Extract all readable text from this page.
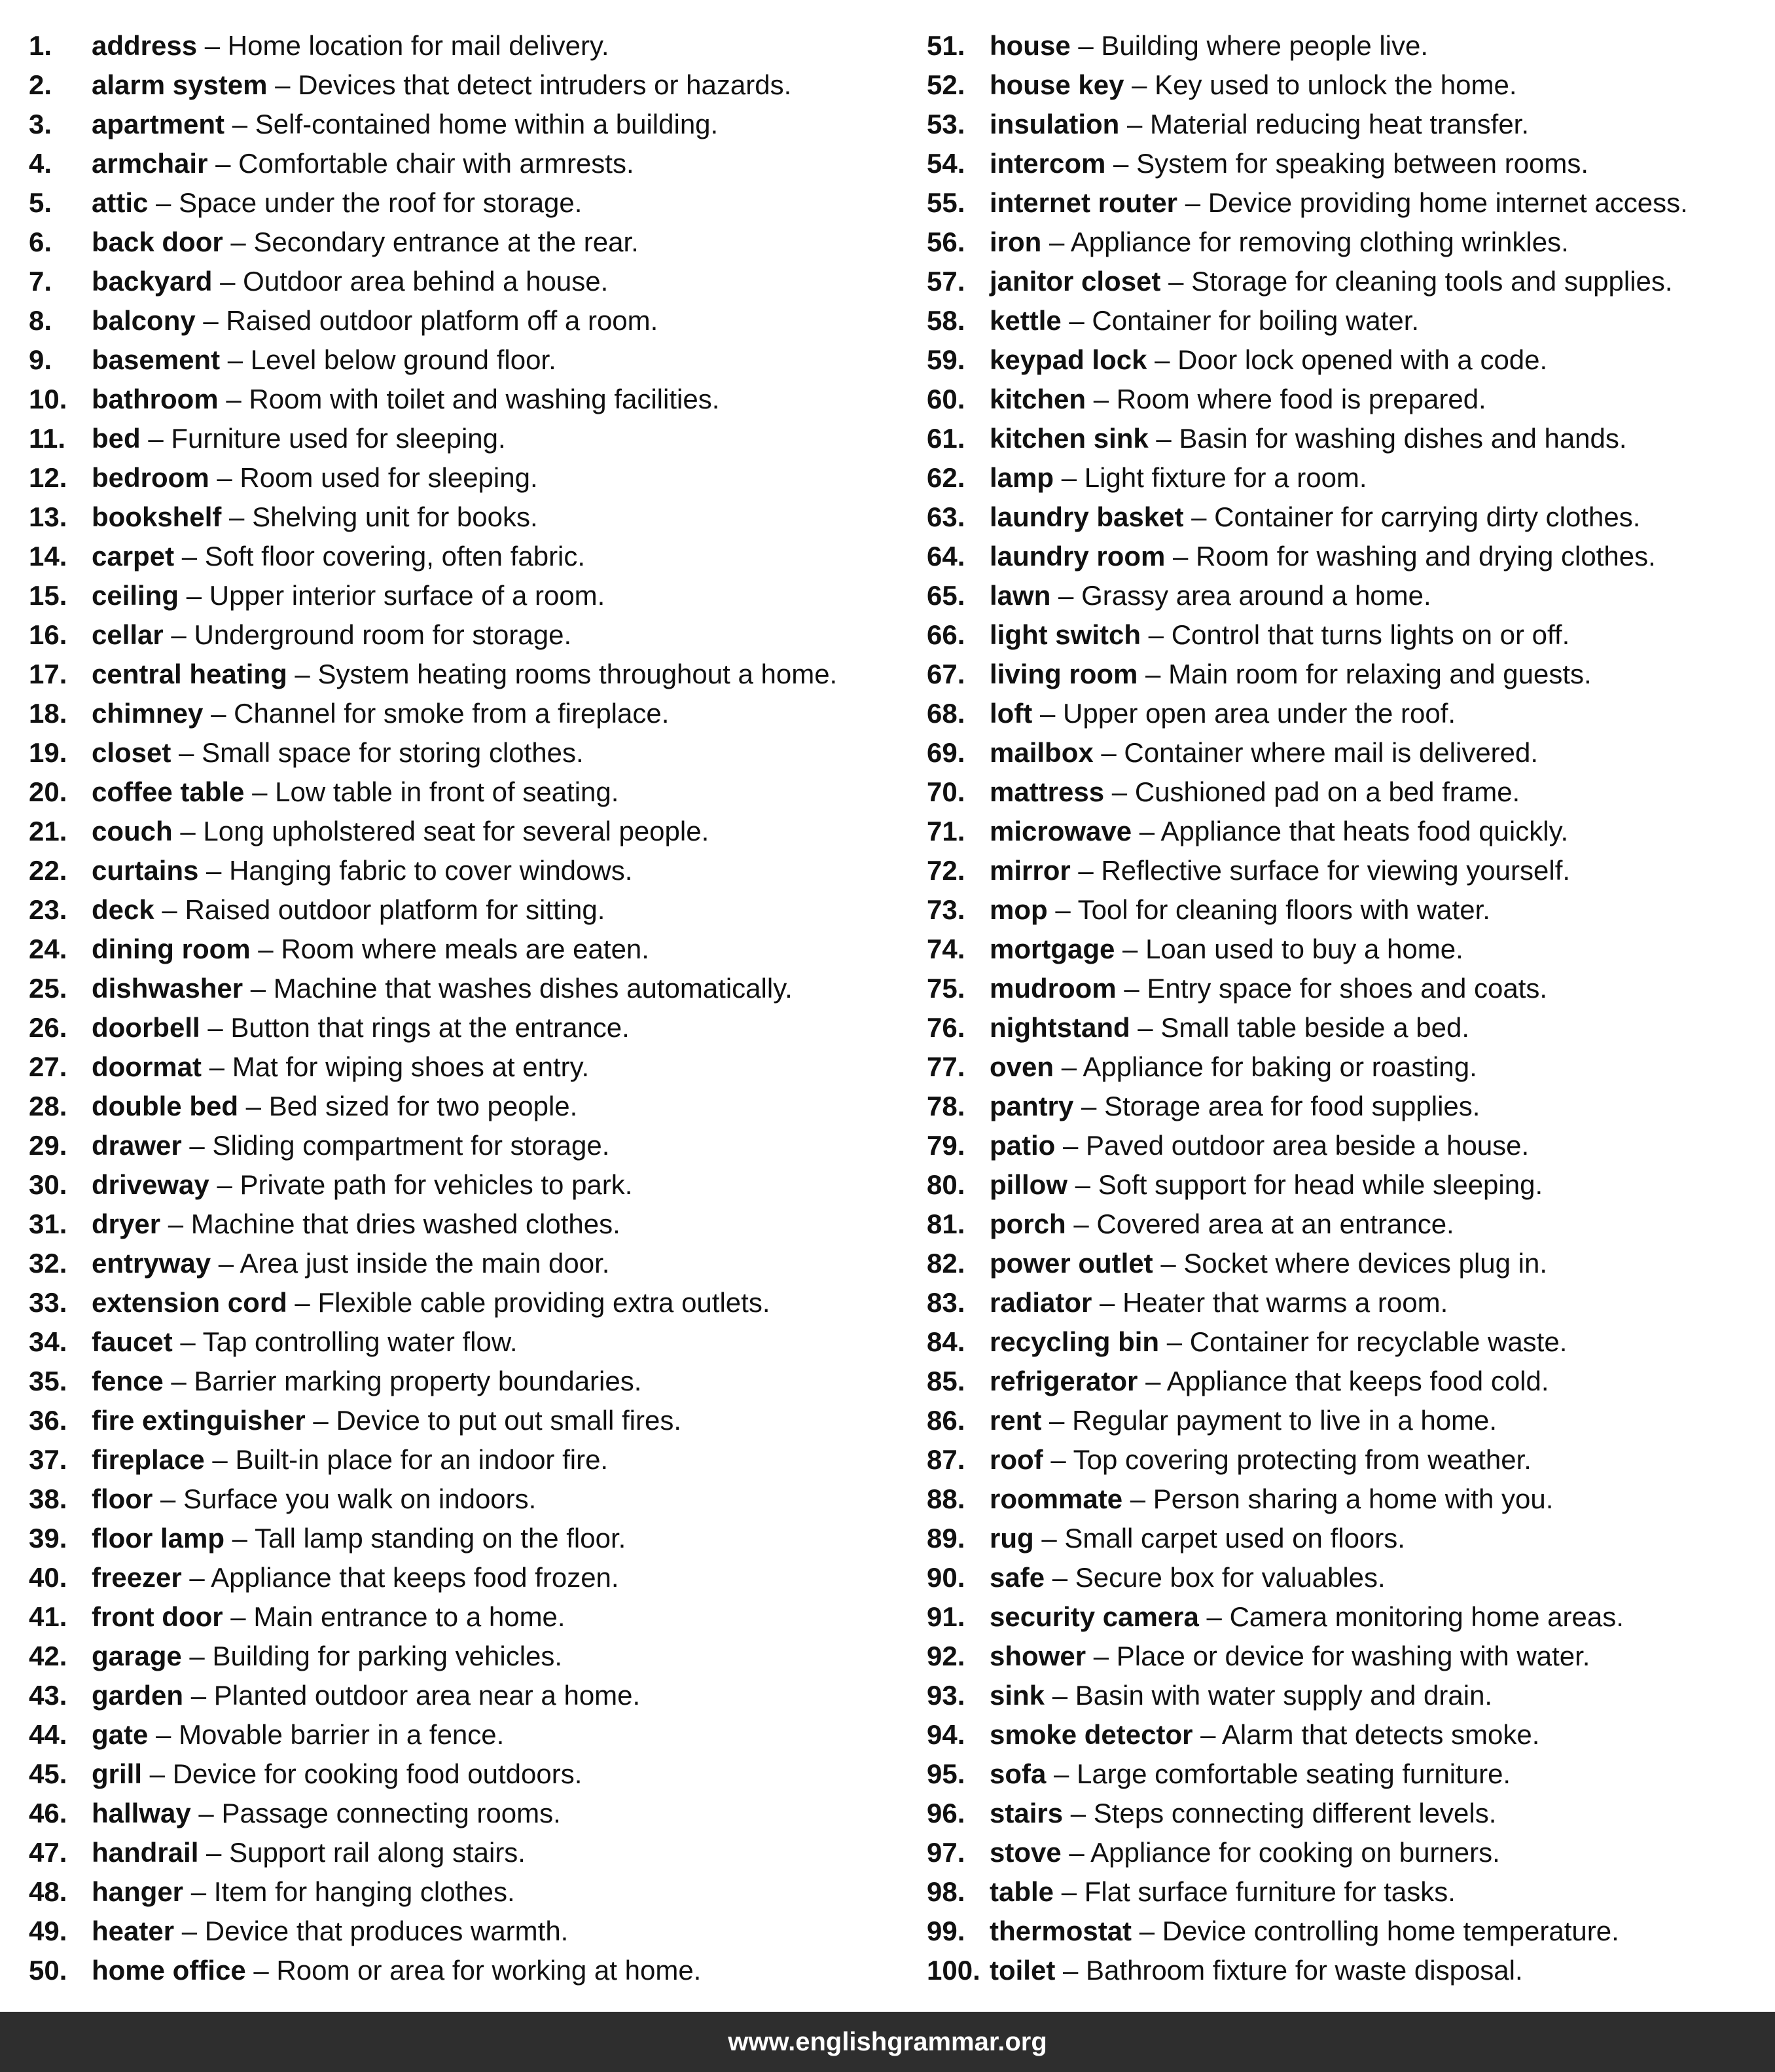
1.	address – Home location for mail delivery.
2.	alarm system – Devices that detect intruders or hazards.
3.	apartment – Self-contained home within a building.
4.	armchair – Comfortable chair with armrests.
5.	attic – Space under the roof for storage.
6.	back door – Secondary entrance at the rear.
7.	backyard – Outdoor area behind a house.
8.	balcony – Raised outdoor platform off a room.
9.	basement – Level below ground floor.
10. bathroom – Room with toilet and washing facilities.
11. bed – Furniture used for sleeping.
12. bedroom – Room used for sleeping.
13. bookshelf – Shelving unit for books.
14. carpet – Soft floor covering, often fabric.
15. ceiling – Upper interior surface of a room.
16. cellar – Underground room for storage.
17. central heating – System heating rooms throughout a home.
18. chimney – Channel for smoke from a fireplace.
19. closet – Small space for storing clothes.
20. coffee table – Low table in front of seating.
21. couch – Long upholstered seat for several people.
22. curtains – Hanging fabric to cover windows.
23. deck – Raised outdoor platform for sitting.
24. dining room – Room where meals are eaten.
25. dishwasher – Machine that washes dishes automatically.
26. doorbell – Button that rings at the entrance.
27. doormat – Mat for wiping shoes at entry.
28. double bed – Bed sized for two people.
29. drawer – Sliding compartment for storage.
30. driveway – Private path for vehicles to park.
31. dryer – Machine that dries washed clothes.
32. entryway – Area just inside the main door.
33. extension cord – Flexible cable providing extra outlets.
34. faucet – Tap controlling water flow.
35. fence – Barrier marking property boundaries.
36. fire extinguisher – Device to put out small fires.
37. fireplace – Built-in place for an indoor fire.
38. floor – Surface you walk on indoors.
39. floor lamp – Tall lamp standing on the floor.
40. freezer – Appliance that keeps food frozen.
41. front door – Main entrance to a home.
42. garage – Building for parking vehicles.
43. garden – Planted outdoor area near a home.
44. gate – Movable barrier in a fence.
45. grill – Device for cooking food outdoors.
46. hallway – Passage connecting rooms.
47. handrail – Support rail along stairs.
48. hanger – Item for hanging clothes.
49. heater – Device that produces warmth.
50. home office – Room or area for working at home.
51. house – Building where people live.
52. house key – Key used to unlock the home.
53. insulation – Material reducing heat transfer.
54. intercom – System for speaking between rooms.
55. internet router – Device providing home internet access.
56. iron – Appliance for removing clothing wrinkles.
57. janitor closet – Storage for cleaning tools and supplies.
58. kettle – Container for boiling water.
59. keypad lock – Door lock opened with a code.
60. kitchen – Room where food is prepared.
61. kitchen sink – Basin for washing dishes and hands.
62. lamp – Light fixture for a room.
63. laundry basket – Container for carrying dirty clothes.
64. laundry room – Room for washing and drying clothes.
65. lawn – Grassy area around a home.
66. light switch – Control that turns lights on or off.
67. living room – Main room for relaxing and guests.
68. loft – Upper open area under the roof.
69. mailbox – Container where mail is delivered.
70. mattress – Cushioned pad on a bed frame.
71. microwave – Appliance that heats food quickly.
72. mirror – Reflective surface for viewing yourself.
73. mop – Tool for cleaning floors with water.
74. mortgage – Loan used to buy a home.
75. mudroom – Entry space for shoes and coats.
76. nightstand – Small table beside a bed.
77. oven – Appliance for baking or roasting.
78. pantry – Storage area for food supplies.
79. patio – Paved outdoor area beside a house.
80. pillow – Soft support for head while sleeping.
81. porch – Covered area at an entrance.
82. power outlet – Socket where devices plug in.
83. radiator – Heater that warms a room.
84. recycling bin – Container for recyclable waste.
85. refrigerator – Appliance that keeps food cold.
86. rent – Regular payment to live in a home.
87. roof – Top covering protecting from weather.
88. roommate – Person sharing a home with you.
89. rug – Small carpet used on floors.
90. safe – Secure box for valuables.
91. security camera – Camera monitoring home areas.
92. shower – Place or device for washing with water.
93. sink – Basin with water supply and drain.
94. smoke detector – Alarm that detects smoke.
95. sofa – Large comfortable seating furniture.
96. stairs – Steps connecting different levels.
97. stove – Appliance for cooking on burners.
98. table – Flat surface furniture for tasks.
99. thermostat – Device controlling home temperature.
100. toilet – Bathroom fixture for waste disposal.
www.englishgrammar.org
